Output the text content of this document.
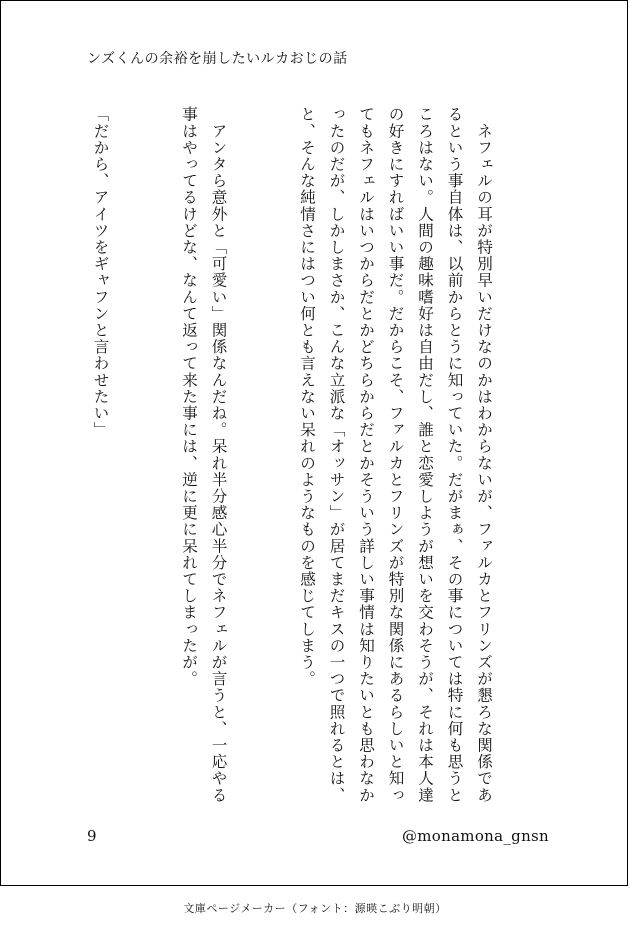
ンズくんの余裕を崩したいルカおじの話

　ネフェルの耳が特別早いだけなのかはわからないが、ファルカとフリンズが懇ろな関係であるという事自体は、以前からとうに知っていた。だがまぁ、その事については特に何も思うところはない。人間の趣味嗜好は自由だし、誰と恋愛しようが想いを交わそうが、それは本人達の好きにすればいい事だ。だからこそ、ファルカとフリンズが特別な関係にあるらしいと知ってもネフェルはいつからだとかどちらからだとかそういう詳しい事情は知りたいとも思わなかったのだが、しかしまさか、こんな立派な「オッサン」が居てまだキスの一つで照れるとは、と、そんな純情さにはつい何とも言えない呆れのようなものを感じてしまう。

　アンタら意外と「可愛い」関係なんだね。呆れ半分感心半分でネフェルが言うと、一応やる事はやってるけどな、なんて返って来た事には、逆に更に呆れてしまったが。

「だから、アイツをギャフンと言わせたい」

9	@monamona_gnsn
文庫ページメーカー（フォント：源暎こぶり明朝）
